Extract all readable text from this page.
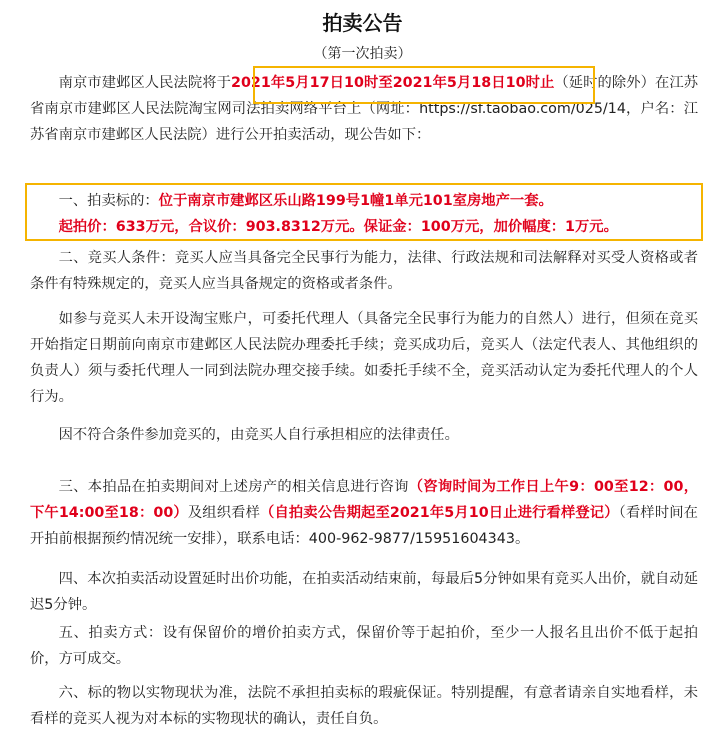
拍卖公告
（第一次拍卖）

南京市建邺区人民法院将于2021年5月17日10时至2021年5月18日10时止（延时的除外）在江苏省南京市建邺区人民法院淘宝网司法拍卖网络平台上（网址：https://sf.taobao.com/025/14，户名：江苏省南京市建邺区人民法院）进行公开拍卖活动，现公告如下：

一、拍卖标的：位于南京市建邺区乐山路199号1幢1单元101室房地产一套。

起拍价：633万元，合议价：903.8312万元。保证金：100万元，加价幅度：1万元。

二、竞买人条件：竞买人应当具备完全民事行为能力，法律、行政法规和司法解释对买受人资格或者条件有特殊规定的，竞买人应当具备规定的资格或者条件。

如参与竞买人未开设淘宝账户，可委托代理人（具备完全民事行为能力的自然人）进行，但须在竞买开始指定日期前向南京市建邺区人民法院办理委托手续；竞买成功后，竞买人（法定代表人、其他组织的负责人）须与委托代理人一同到法院办理交接手续。如委托手续不全，竞买活动认定为委托代理人的个人行为。

因不符合条件参加竞买的，由竞买人自行承担相应的法律责任。

三、本拍品在拍卖期间对上述房产的相关信息进行咨询（咨询时间为工作日上午9：00至12：00，下午14:00至18：00）及组织看样（自拍卖公告期起至2021年5月10日止进行看样登记）（看样时间在开拍前根据预约情况统一安排），联系电话：400-962-9877/15951604343。

四、本次拍卖活动设置延时出价功能，在拍卖活动结束前，每最后5分钟如果有竞买人出价，就自动延迟5分钟。

五、拍卖方式：设有保留价的增价拍卖方式，保留价等于起拍价，至少一人报名且出价不低于起拍价，方可成交。

六、标的物以实物现状为准，法院不承担拍卖标的瑕疵保证。特别提醒，有意者请亲自实地看样，未看样的竞买人视为对本标的实物现状的确认，责任自负。
